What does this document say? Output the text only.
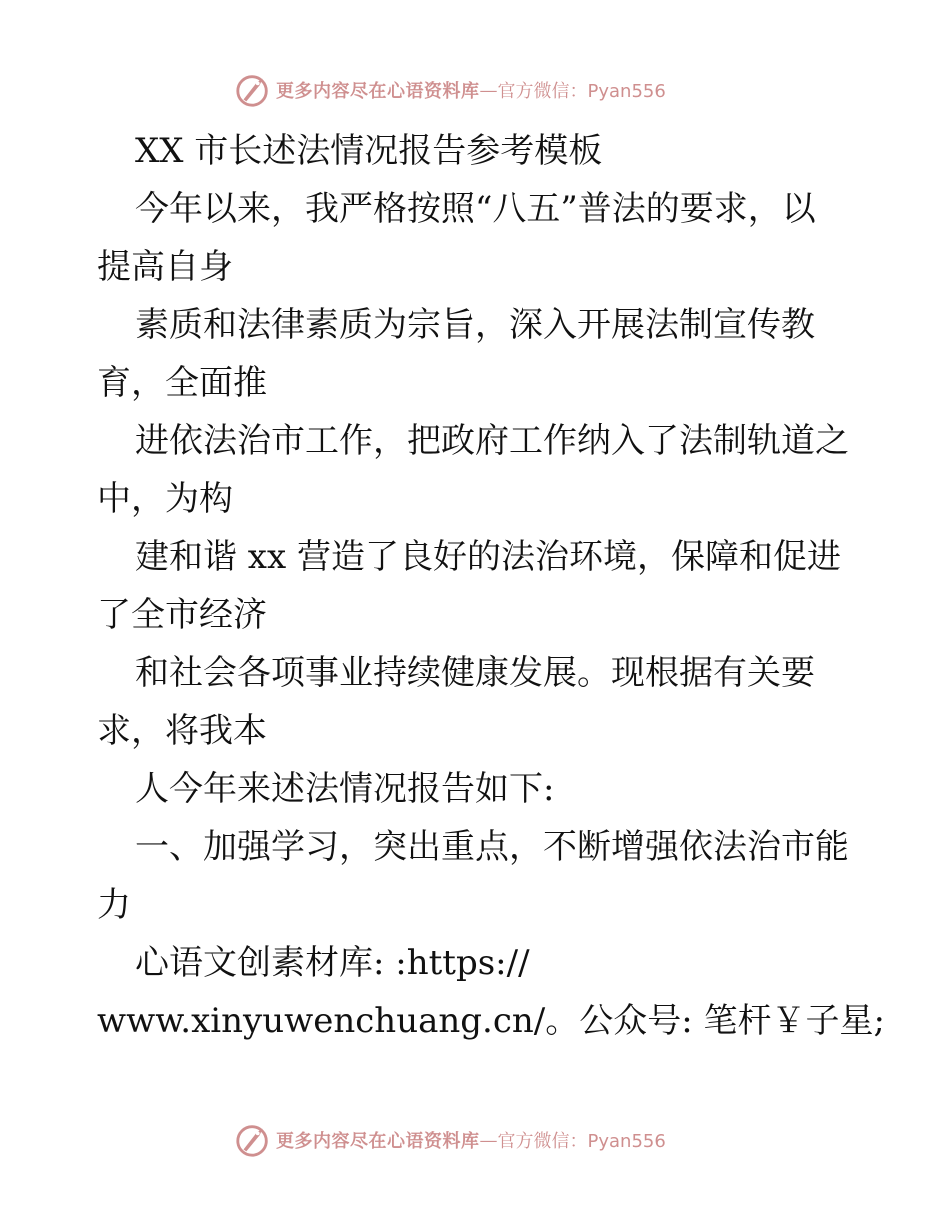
更多内容尽在心语资料库 — 官方微信：Pyan556
XX 市长述法情况报告参考模板
今年以来，我严格按照“八五”普法的要求，以
提高自身
素质和法律素质为宗旨，深入开展法制宣传教
育，全面推
进依法治市工作，把政府工作纳入了法制轨道之
中，为构
建和谐 xx 营造了良好的法治环境，保障和促进
了全市经济
和社会各项事业持续健康发展。现根据有关要
求，将我本
人今年来述法情况报告如下:
一、加强学习，突出重点，不断增强依法治市能
力
心语文创素材库: :https://
www.xinyuwenchuang.cn/。公众号: 笔杆￥子星;
更多内容尽在心语资料库 — 官方微信：Pyan556
